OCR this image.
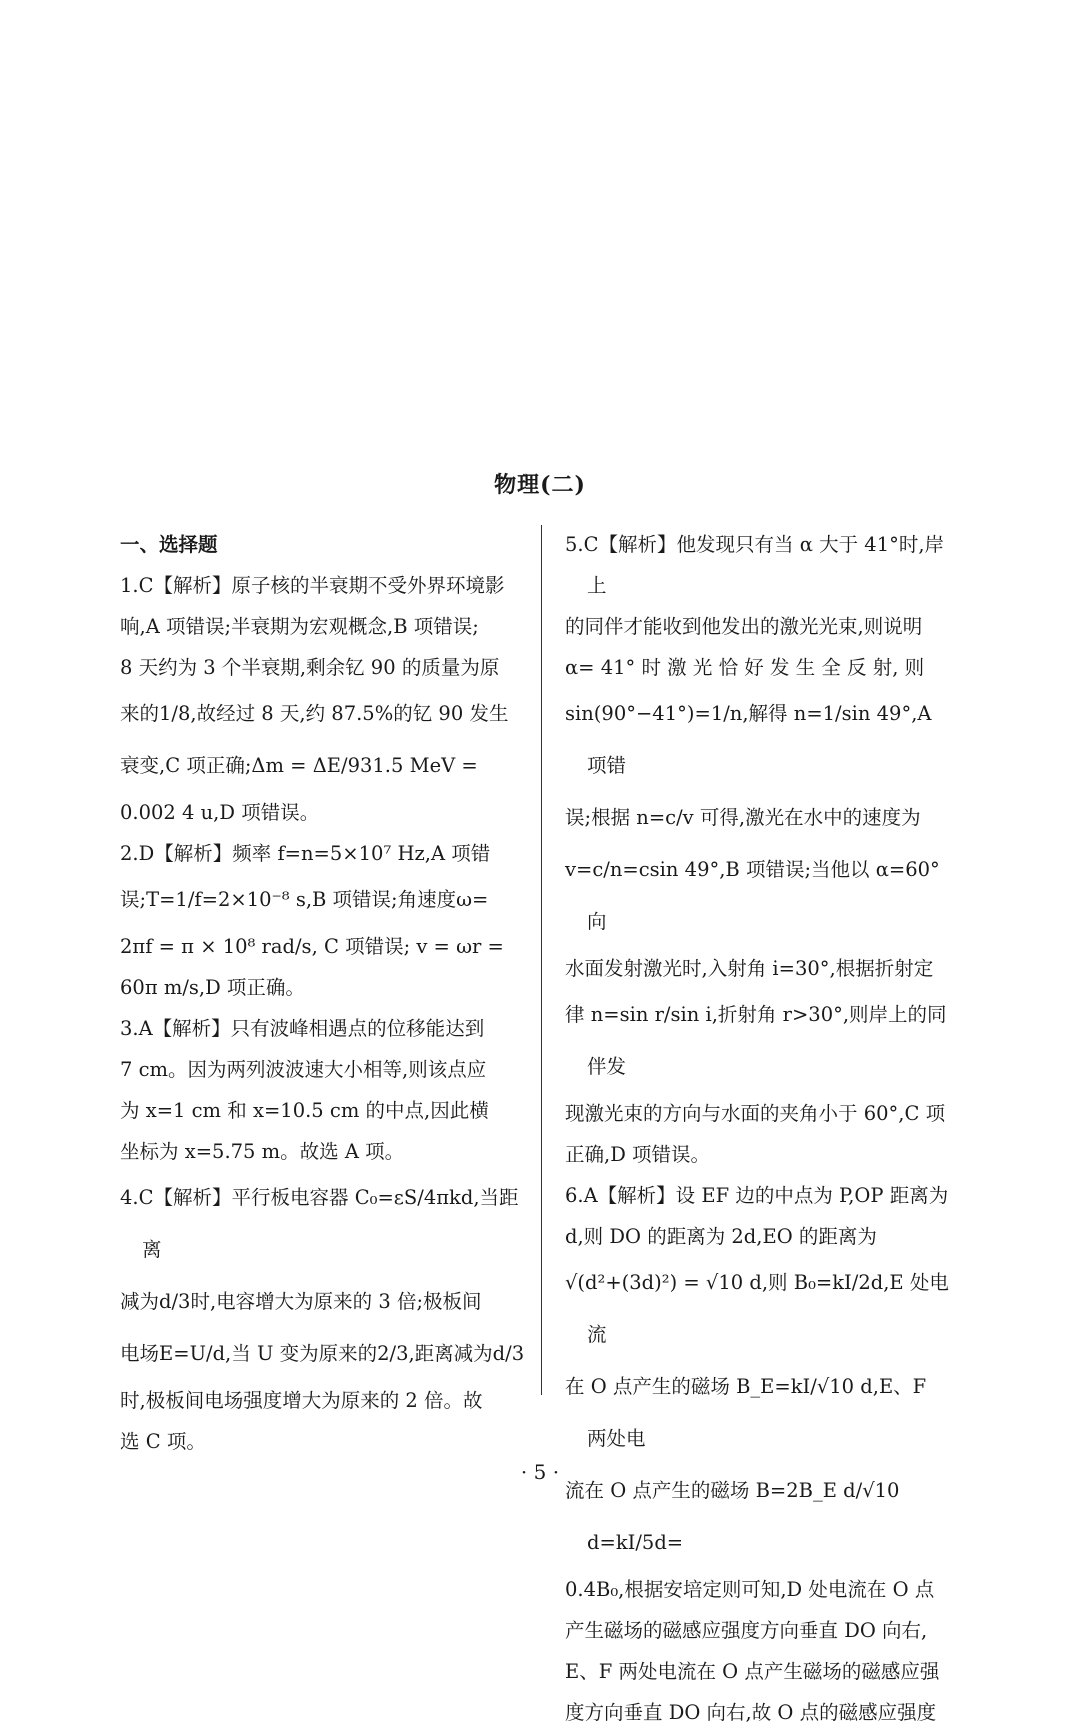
物理(二)

一、选择题

1.C【解析】原子核的半衰期不受外界环境影

响,A 项错误;半衰期为宏观概念,B 项错误;

8 天约为 3 个半衰期,剩余钇 90 的质量为原

来的1/8,故经过 8 天,约 87.5%的钇 90 发生

衰变,C 项正确;Δm = ΔE/931.5 MeV =

0.002 4 u,D 项错误。

2.D【解析】频率 f=n=5×10⁷ Hz,A 项错

误;T=1/f=2×10⁻⁸ s,B 项错误;角速度ω=

2πf = π × 10⁸ rad/s, C 项错误; v = ωr =

60π m/s,D 项正确。

3.A【解析】只有波峰相遇点的位移能达到

7 cm。因为两列波波速大小相等,则该点应

为 x=1 cm 和 x=10.5 cm 的中点,因此横

坐标为 x=5.75 m。故选 A 项。

4.C【解析】平行板电容器 C₀=εS/4πkd,当距离

减为d/3时,电容增大为原来的 3 倍;极板间

电场E=U/d,当 U 变为原来的2/3,距离减为d/3

时,极板间电场强度增大为原来的 2 倍。故

选 C 项。

5.C【解析】他发现只有当 α 大于 41°时,岸上

的同伴才能收到他发出的激光光束,则说明

α= 41° 时 激 光 恰 好 发 生 全 反 射, 则

sin(90°−41°)=1/n,解得 n=1/sin 49°,A 项错

误;根据 n=c/v 可得,激光在水中的速度为

v=c/n=csin 49°,B 项错误;当他以 α=60°向

水面发射激光时,入射角 i=30°,根据折射定

律 n=sin r/sin i,折射角 r>30°,则岸上的同伴发

现激光束的方向与水面的夹角小于 60°,C 项

正确,D 项错误。

6.A【解析】设 EF 边的中点为 P,OP 距离为

d,则 DO 的距离为 2d,EO 的距离为

√(d²+(3d)²) = √10 d,则 B₀=kI/2d,E 处电流

在 O 点产生的磁场 B_E=kI/√10 d,E、F 两处电

流在 O 点产生的磁场 B=2B_E d/√10 d=kI/5d=

0.4B₀,根据安培定则可知,D 处电流在 O 点

产生磁场的磁感应强度方向垂直 DO 向右,

E、F 两处电流在 O 点产生磁场的磁感应强

度方向垂直 DO 向右,故 O 点的磁感应强度

· 5 ·
